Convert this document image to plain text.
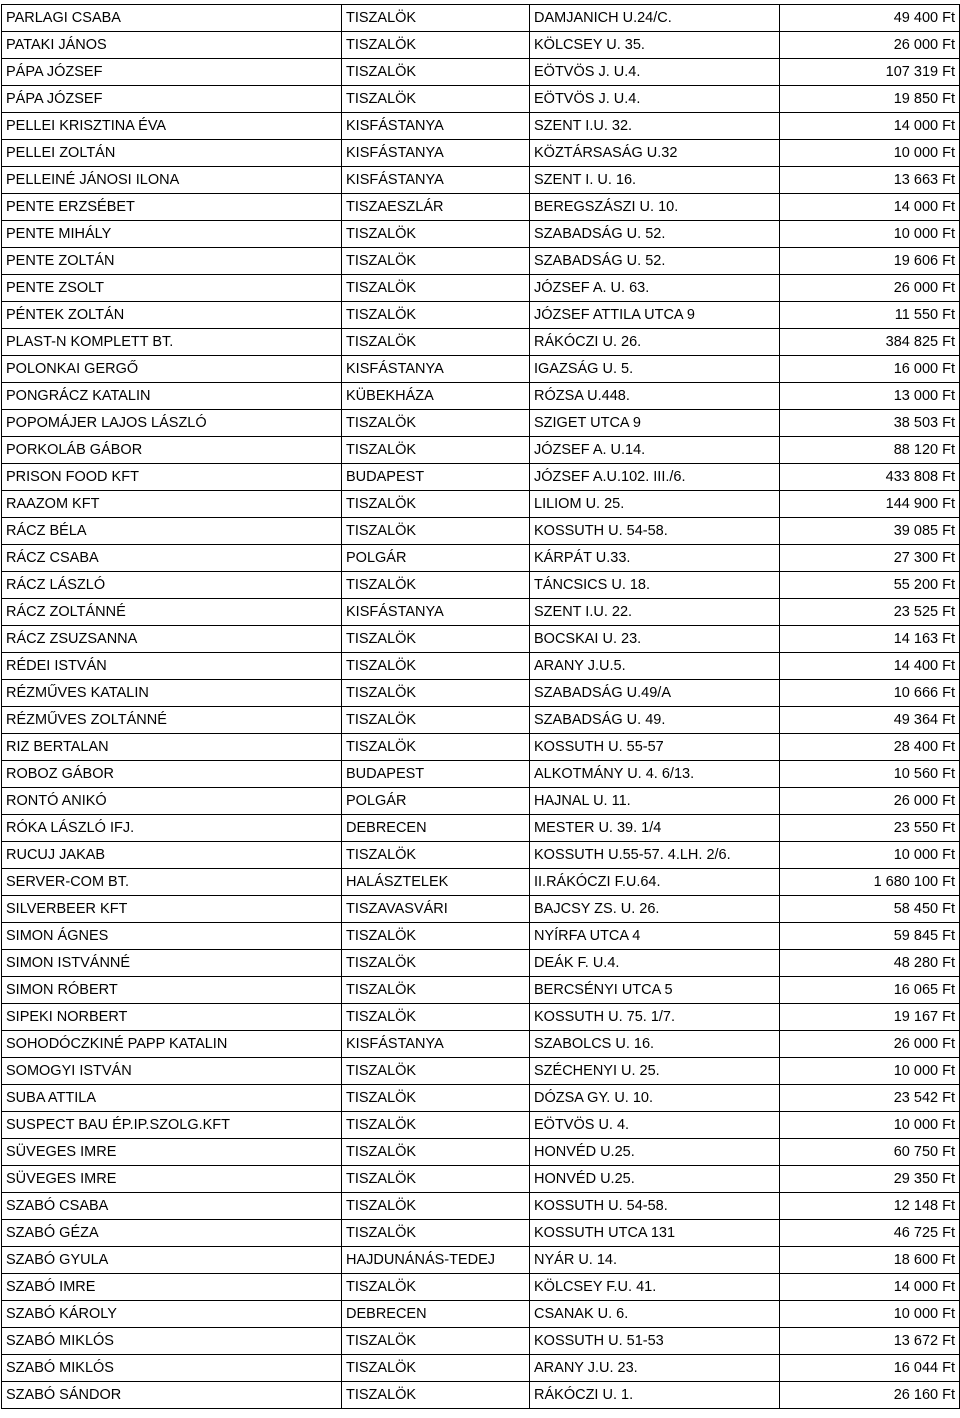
PARLAGI CSABA	TISZALÖK	DAMJANICH U.24/C.	49 400 Ft
PATAKI JÁNOS	TISZALÖK	KÖLCSEY U. 35.	26 000 Ft
PÁPA JÓZSEF	TISZALÖK	EÖTVÖS J. U.4.	107 319 Ft
PÁPA JÓZSEF	TISZALÖK	EÖTVÖS J. U.4.	19 850 Ft
PELLEI KRISZTINA ÉVA	KISFÁSTANYA	SZENT I.U. 32.	14 000 Ft
PELLEI ZOLTÁN	KISFÁSTANYA	KÖZTÁRSASÁG U.32	10 000 Ft
PELLEINÉ JÁNOSI ILONA	KISFÁSTANYA	SZENT I. U. 16.	13 663 Ft
PENTE ERZSÉBET	TISZAESZLÁR	BEREGSZÁSZI U. 10.	14 000 Ft
PENTE MIHÁLY	TISZALÖK	SZABADSÁG U. 52.	10 000 Ft
PENTE ZOLTÁN	TISZALÖK	SZABADSÁG U. 52.	19 606 Ft
PENTE ZSOLT	TISZALÖK	JÓZSEF A. U. 63.	26 000 Ft
PÉNTEK ZOLTÁN	TISZALÖK	JÓZSEF ATTILA UTCA 9	11 550 Ft
PLAST-N KOMPLETT BT.	TISZALÖK	RÁKÓCZI U. 26.	384 825 Ft
POLONKAI GERGŐ	KISFÁSTANYA	IGAZSÁG U. 5.	16 000 Ft
PONGRÁCZ KATALIN	KÜBEKHÁZA	RÓZSA U.448.	13 000 Ft
POPOMÁJER LAJOS LÁSZLÓ	TISZALÖK	SZIGET UTCA 9	38 503 Ft
PORKOLÁB GÁBOR	TISZALÖK	JÓZSEF A. U.14.	88 120 Ft
PRISON FOOD KFT	BUDAPEST	JÓZSEF A.U.102. III./6.	433 808 Ft
RAAZOM KFT	TISZALÖK	LILIOM U. 25.	144 900 Ft
RÁCZ BÉLA	TISZALÖK	KOSSUTH U. 54-58.	39 085 Ft
RÁCZ CSABA	POLGÁR	KÁRPÁT U.33.	27 300 Ft
RÁCZ LÁSZLÓ	TISZALÖK	TÁNCSICS U. 18.	55 200 Ft
RÁCZ ZOLTÁNNÉ	KISFÁSTANYA	SZENT I.U. 22.	23 525 Ft
RÁCZ ZSUZSANNA	TISZALÖK	BOCSKAI U. 23.	14 163 Ft
RÉDEI ISTVÁN	TISZALÖK	ARANY J.U.5.	14 400 Ft
RÉZMŰVES KATALIN	TISZALÖK	SZABADSÁG U.49/A	10 666 Ft
RÉZMŰVES ZOLTÁNNÉ	TISZALÖK	SZABADSÁG U. 49.	49 364 Ft
RIZ BERTALAN	TISZALÖK	KOSSUTH U. 55-57	28 400 Ft
ROBOZ GÁBOR	BUDAPEST	ALKOTMÁNY U. 4. 6/13.	10 560 Ft
RONTÓ ANIKÓ	POLGÁR	HAJNAL U. 11.	26 000 Ft
RÓKA LÁSZLÓ IFJ.	DEBRECEN	MESTER U. 39. 1/4	23 550 Ft
RUCUJ JAKAB	TISZALÖK	KOSSUTH U.55-57. 4.LH. 2/6.	10 000 Ft
SERVER-COM BT.	HALÁSZTELEK	II.RÁKÓCZI F.U.64.	1 680 100 Ft
SILVERBEER KFT	TISZAVASVÁRI	BAJCSY ZS. U. 26.	58 450 Ft
SIMON ÁGNES	TISZALÖK	NYÍRFA UTCA 4	59 845 Ft
SIMON ISTVÁNNÉ	TISZALÖK	DEÁK F. U.4.	48 280 Ft
SIMON RÓBERT	TISZALÖK	BERCSÉNYI UTCA 5	16 065 Ft
SIPEKI NORBERT	TISZALÖK	KOSSUTH U. 75. 1/7.	19 167 Ft
SOHODÓCZKINÉ PAPP KATALIN	KISFÁSTANYA	SZABOLCS U. 16.	26 000 Ft
SOMOGYI ISTVÁN	TISZALÖK	SZÉCHENYI U. 25.	10 000 Ft
SUBA ATTILA	TISZALÖK	DÓZSA GY. U. 10.	23 542 Ft
SUSPECT BAU ÉP.IP.SZOLG.KFT	TISZALÖK	EÖTVÖS U. 4.	10 000 Ft
SÜVEGES IMRE	TISZALÖK	HONVÉD U.25.	60 750 Ft
SÜVEGES IMRE	TISZALÖK	HONVÉD U.25.	29 350 Ft
SZABÓ CSABA	TISZALÖK	KOSSUTH U. 54-58.	12 148 Ft
SZABÓ GÉZA	TISZALÖK	KOSSUTH UTCA 131	46 725 Ft
SZABÓ GYULA	HAJDUNÁNÁS-TEDEJ	NYÁR U. 14.	18 600 Ft
SZABÓ IMRE	TISZALÖK	KÖLCSEY F.U. 41.	14 000 Ft
SZABÓ KÁROLY	DEBRECEN	CSANAK U. 6.	10 000 Ft
SZABÓ MIKLÓS	TISZALÖK	KOSSUTH U. 51-53	13 672 Ft
SZABÓ MIKLÓS	TISZALÖK	ARANY J.U. 23.	16 044 Ft
SZABÓ SÁNDOR	TISZALÖK	RÁKÓCZI U. 1.	26 160 Ft
